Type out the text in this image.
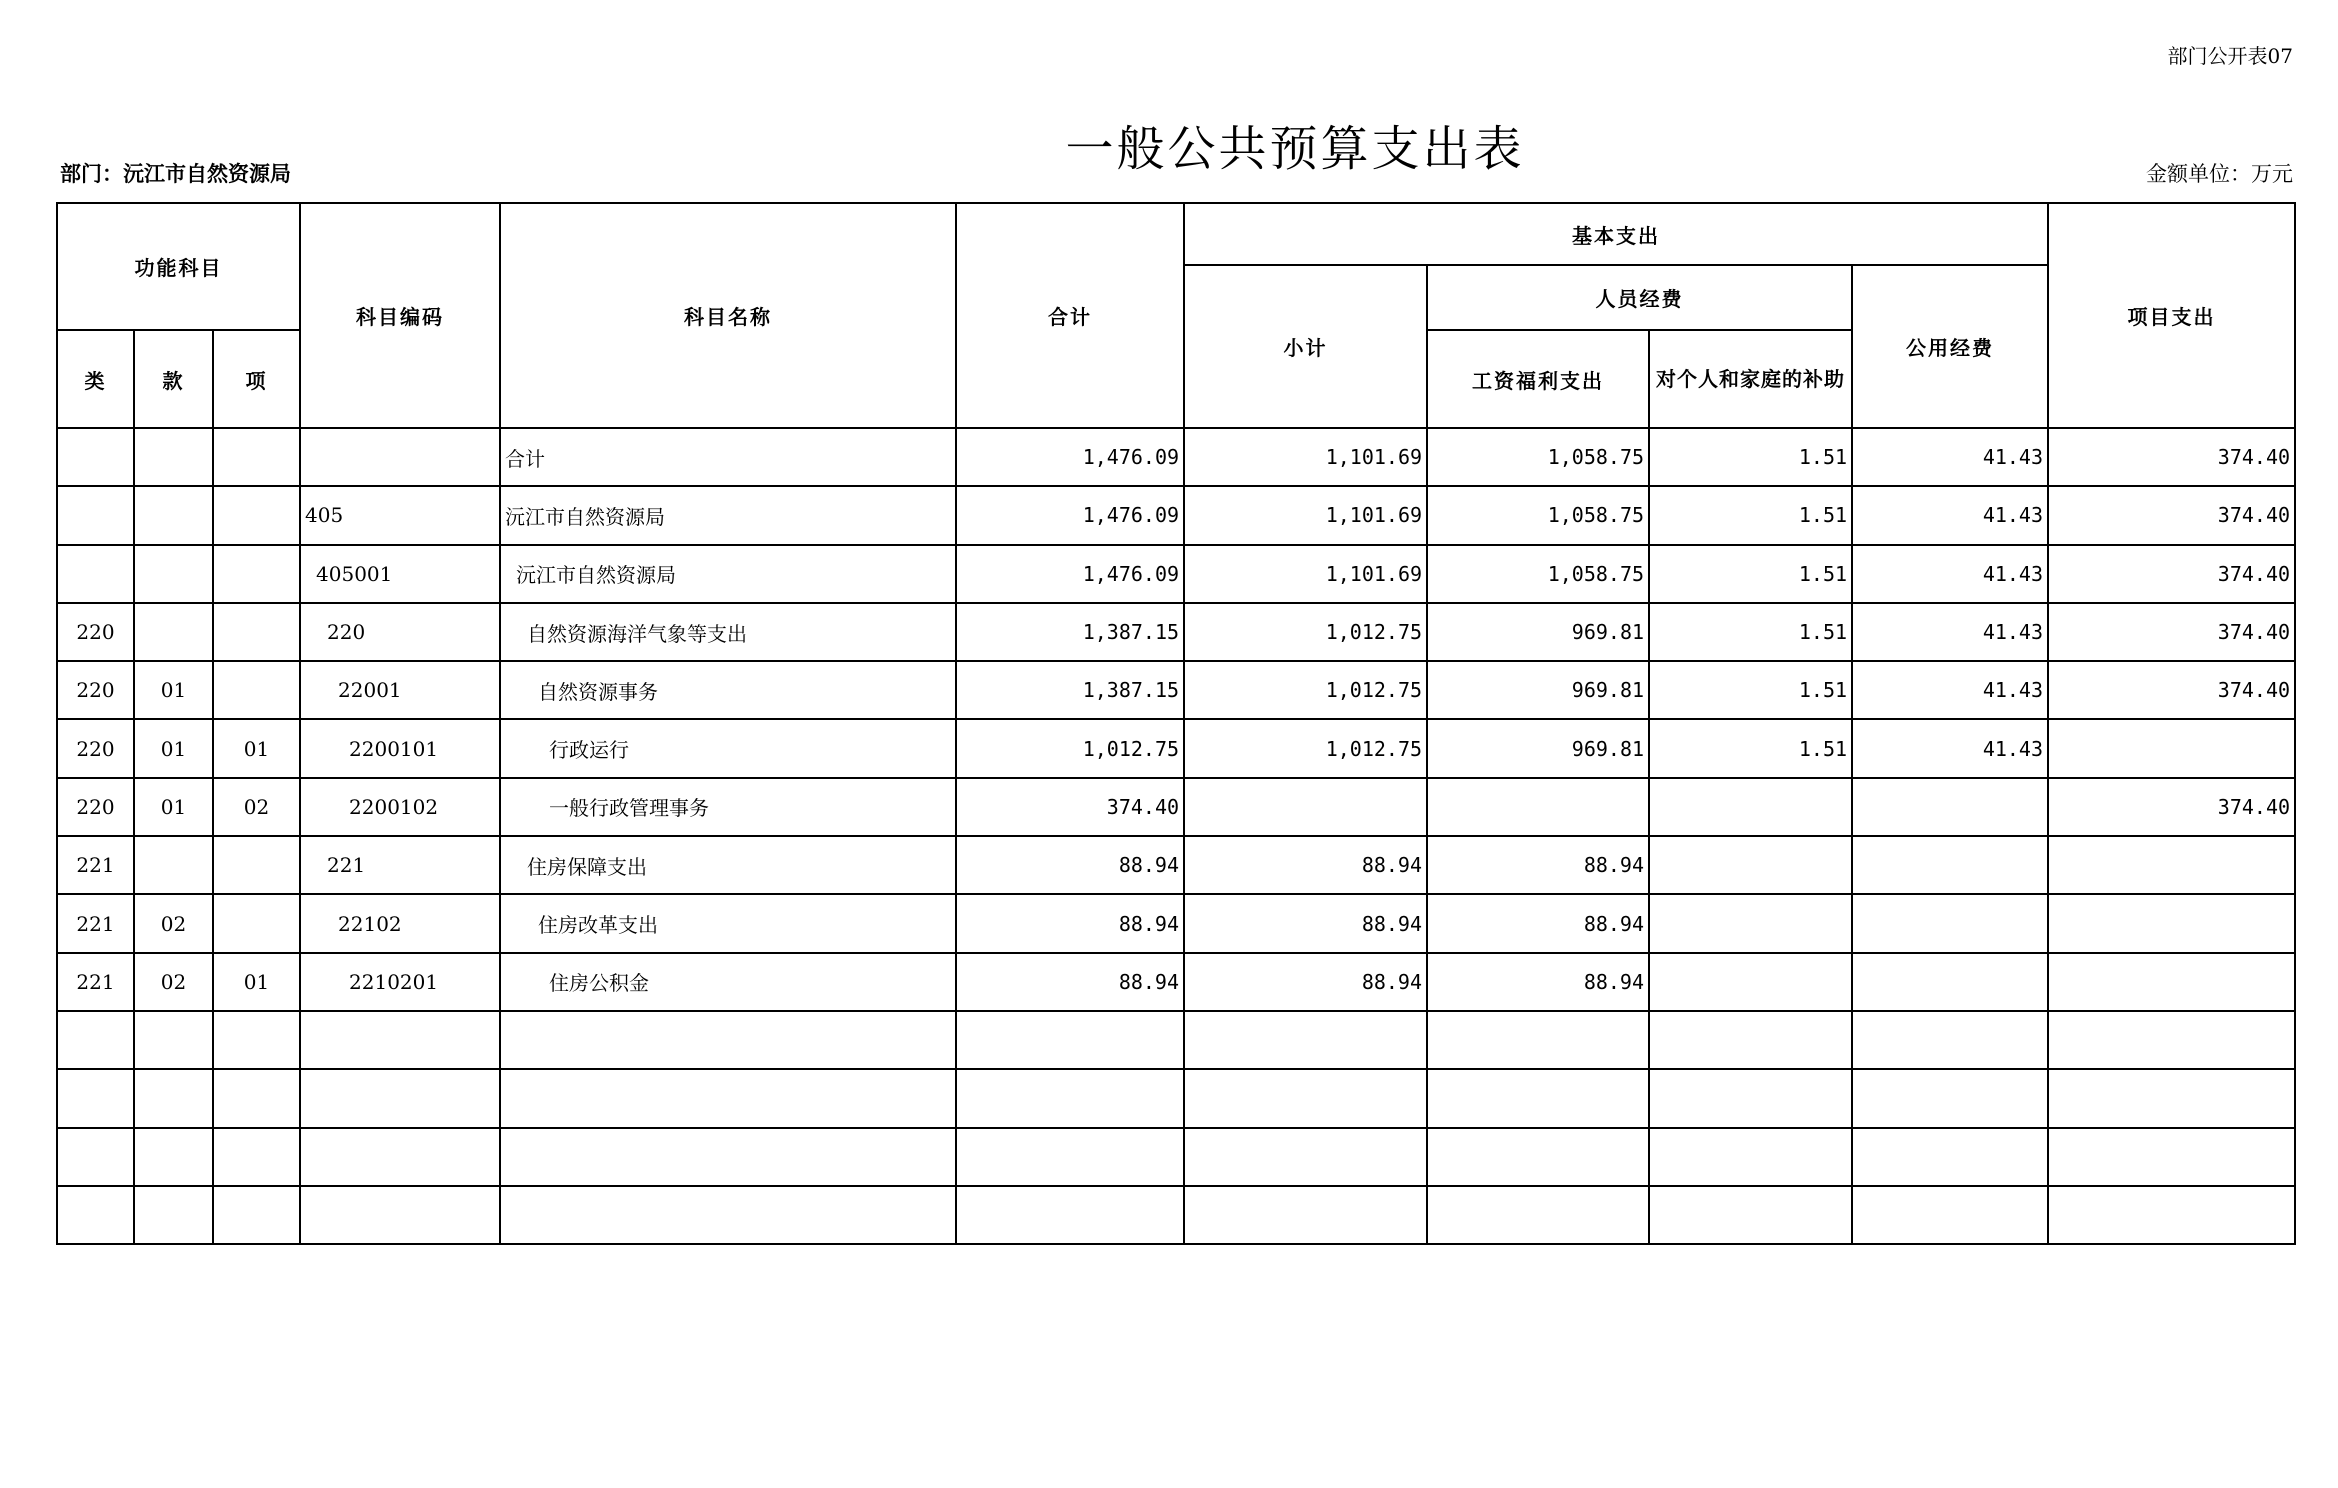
部门公开表07
一般公共预算支出表
部门：沅江市自然资源局	金额单位：万元
功能科目			科目编码	科目名称	合计	基本支出				项目支出
						小计	人员经费		公用经费	
类	款	项					工资福利支出	对个人和家庭的补助		
				合计	1,476.09	1,101.69	1,058.75	1.51	41.43	374.40
			405	沅江市自然资源局	1,476.09	1,101.69	1,058.75	1.51	41.43	374.40
			405001	沅江市自然资源局	1,476.09	1,101.69	1,058.75	1.51	41.43	374.40
220			220	自然资源海洋气象等支出	1,387.15	1,012.75	969.81	1.51	41.43	374.40
220	01		22001	自然资源事务	1,387.15	1,012.75	969.81	1.51	41.43	374.40
220	01	01	2200101	行政运行	1,012.75	1,012.75	969.81	1.51	41.43	
220	01	02	2200102	一般行政管理事务	374.40					374.40
221			221	住房保障支出	88.94	88.94	88.94			
221	02		22102	住房改革支出	88.94	88.94	88.94			
221	02	01	2210201	住房公积金	88.94	88.94	88.94			
